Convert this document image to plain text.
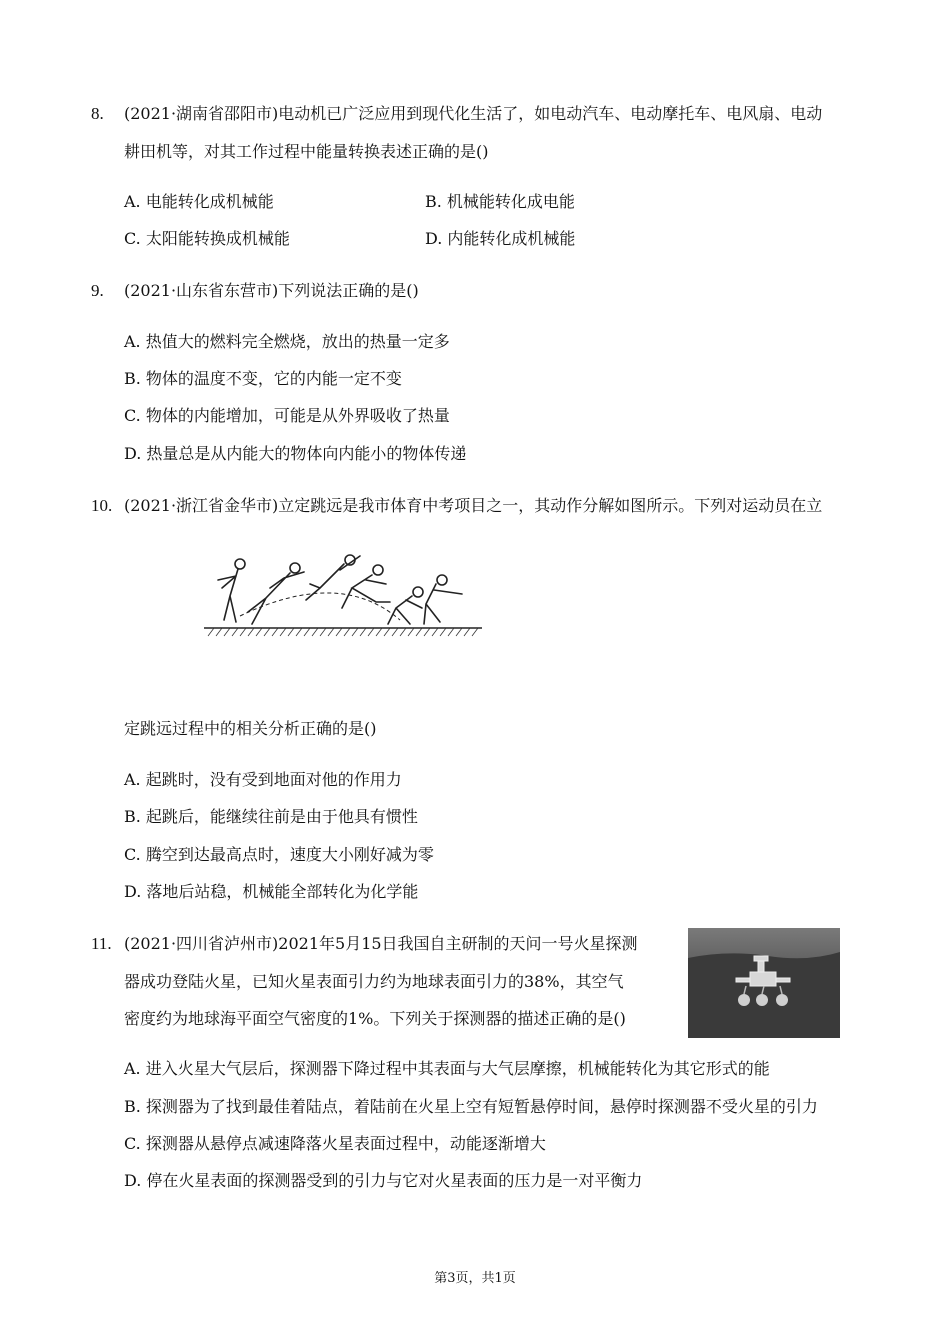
8. (2021·湖南省邵阳市)电动机已广泛应用到现代化生活了，如电动汽车、电动摩托车、电风扇、电动
耕田机等，对其工作过程中能量转换表述正确的是()
A. 电能转化成机械能	B. 机械能转化成电能
C. 太阳能转换成机械能	D. 内能转化成机械能
9. (2021·山东省东营市)下列说法正确的是()
A. 热值大的燃料完全燃烧，放出的热量一定多
B. 物体的温度不变，它的内能一定不变
C. 物体的内能增加，可能是从外界吸收了热量
D. 热量总是从内能大的物体向内能小的物体传递
10. (2021·浙江省金华市)立定跳远是我市体育中考项目之一，其动作分解如图所示。下列对运动员在立
定跳远过程中的相关分析正确的是()
A. 起跳时，没有受到地面对他的作用力
B. 起跳后，能继续往前是由于他具有惯性
C. 腾空到达最高点时，速度大小刚好减为零
D. 落地后站稳，机械能全部转化为化学能
11. (2021·四川省泸州市)2021年5月15日我国自主研制的天问一号火星探测
器成功登陆火星，已知火星表面引力约为地球表面引力的38%，其空气
密度约为地球海平面空气密度的1%。下列关于探测器的描述正确的是()
A. 进入火星大气层后，探测器下降过程中其表面与大气层摩擦，机械能转化为其它形式的能
B. 探测器为了找到最佳着陆点，着陆前在火星上空有短暂悬停时间，悬停时探测器不受火星的引力
C. 探测器从悬停点减速降落火星表面过程中，动能逐渐增大
D. 停在火星表面的探测器受到的引力与它对火星表面的压力是一对平衡力
第3页，共1页
